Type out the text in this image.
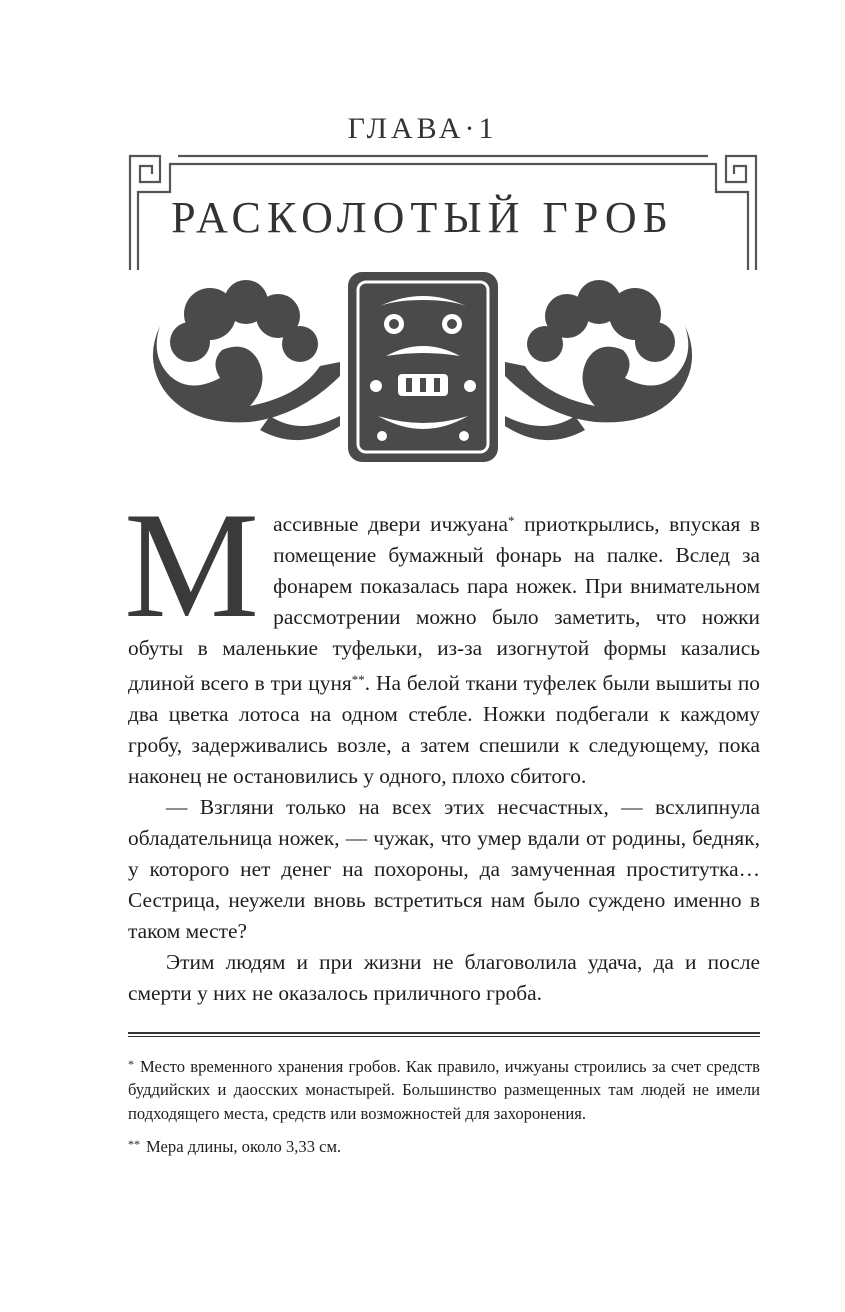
ГЛАВА·1
РАСКОЛОТЫЙ ГРОБ
М ассивные двери ичжуана* приоткрылись, впуская в помещение бумажный фонарь на палке. Вслед за фонарем показалась пара ножек. При внимательном рассмотрении можно было заметить, что ножки обуты в маленькие туфельки, из-за изогнутой формы казались длиной всего в три цуня**. На белой ткани туфелек были вышиты по два цветка лотоса на одном стебле. Ножки подбегали к каждому гробу, задерживались возле, а затем спешили к следующему, пока наконец не остановились у одного, плохо сбитого.

— Взгляни только на всех этих несчастных, — всхлипнула обладательница ножек, — чужак, что умер вдали от родины, бедняк, у которого нет денег на похороны, да замученная проститутка… Сестрица, неужели вновь встретиться нам было суждено именно в таком месте?

Этим людям и при жизни не благоволила удача, да и после смерти у них не оказалось приличного гроба.

* Место временного хранения гробов. Как правило, ичжуаны строились за счет средств буддийских и даосских монастырей. Большинство размещенных там людей не имели подходящего места, средств или возможностей для захоронения.

** Мера длины, около 3,33 см.
